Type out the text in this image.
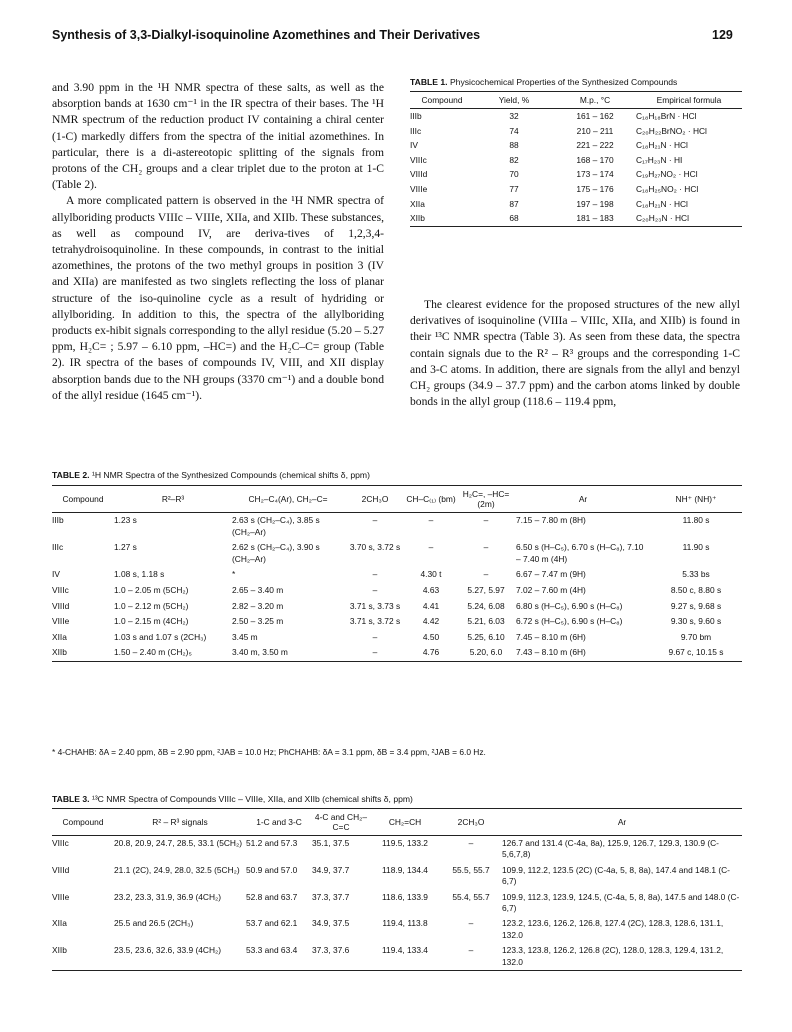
Synthesis of 3,3-Dialkyl-isoquinoline Azomethines and Their Derivatives	129

and 3.90 ppm in the ¹H NMR spectra of these salts, as well as the absorption bands at 1630 cm⁻¹ in the IR spectra of their bases. The ¹H NMR spectrum of the reduction product IV containing a chiral center (1-C) markedly differs from the spectra of the initial azomethines. In particular, there is a di-astereotopic splitting of the signals from protons of the CH₂ groups and a clear triplet due to the proton at 1-C (Table 2).

A more complicated pattern is observed in the ¹H NMR spectra of allylboriding products VIIIc – VIIIe, XIIa, and XIIb. These substances, as well as compound IV, are deriva-tives of 1,2,3,4-tetrahydroisoquinoline. In these compounds, in contrast to the initial azomethines, the protons of the two methyl groups in position 3 (IV and XIIa) are manifested as two singlets reflecting the loss of planar structure of the iso-quinoline cycle as a result of hydriding or allylboriding. In addition to this, the spectra of the allylboriding products ex-hibit signals corresponding to the allyl residue (5.20 – 5.27 ppm, H₂C= ; 5.97 – 6.10 ppm, –HC=) and the H₂C–C= group (Table 2). IR spectra of the bases of compounds IV, VIII, and XII display absorption bands due to the NH groups (3370 cm⁻¹) and a double bond of the allyl residue (1645 cm⁻¹).

The clearest evidence for the proposed structures of the new allyl derivatives of isoquinoline (VIIIa – VIIIc, XIIa, and XIIb) is found in their ¹³C NMR spectra (Table 3). As seen from these data, the spectra contain signals due to the R² – R³ groups and the corresponding 1-C and 3-C atoms. In addition, there are signals from the allyl and benzyl CH₂ groups (34.9 – 37.7 ppm) and the carbon atoms linked by double bonds in the allyl group (118.6 – 119.4 ppm,

TABLE 1. Physicochemical Properties of the Synthesized Compounds
Compound	Yield, %	M.p., °C	Empirical formula
IIIb	32	161 – 162	C₁₈H₁₈BrN · HCl
IIIc	74	210 – 211	C₂₀H₂₂BrNO₂ · HCl
IV	88	221 – 222	C₁₈H₂₁N · HCl
VIIIc	82	168 – 170	C₁₇H₂₃N · HI
VIIId	70	173 – 174	C₁₉H₂₇NO₂ · HCl
VIIIe	77	175 – 176	C₁₈H₂₅NO₂ · HCl
XIIa	87	197 – 198	C₁₈H₂₁N · HCl
XIIb	68	181 – 183	C₂₀H₂₃N · HCl
TABLE 2. ¹H NMR Spectra of the Synthesized Compounds (chemical shifts δ, ppm)
Compound	R²–R³	CH₂–C₄(Ar), CH₂–C=	2CH₃O	CH–C₍₁₎ (bm)	H₂C=, –HC= (2m)	Ar	NH⁺ (NH)⁺
IIIb	1.23 s	2.63 s (CH₂–C₄), 3.85 s (CH₂–Ar)	–	–	–	7.15 – 7.80 m (8H)	11.80 s
IIIc	1.27 s	2.62 s (CH₂–C₄), 3.90 s (CH₂–Ar)	3.70 s, 3.72 s	–	–	6.50 s (H–C₅), 6.70 s (H–C₈), 7.10 – 7.40 m (4H)	11.90 s
IV	1.08 s, 1.18 s	*	–	4.30 t	–	6.67 – 7.47 m (9H)	5.33 bs
VIIIc	1.0 – 2.05 m (5CH₂)	2.65 – 3.40 m	–	4.63	5.27, 5.97	7.02 – 7.60 m (4H)	8.50 c, 8.80 s
VIIId	1.0 – 2.12 m (5CH₂)	2.82 – 3.20 m	3.71 s, 3.73 s	4.41	5.24, 6.08	6.80 s (H–C₅), 6.90 s (H–C₈)	9.27 s, 9.68 s
VIIIe	1.0 – 2.15 m (4CH₂)	2.50 – 3.25 m	3.71 s, 3.72 s	4.42	5.21, 6.03	6.72 s (H–C₅), 6.90 s (H–C₈)	9.30 s, 9.60 s
XIIa	1.03 s and 1.07 s (2CH₃)	3.45 m	–	4.50	5.25, 6.10	7.45 – 8.10 m (6H)	9.70 bm
XIIb	1.50 – 2.40 m (CH₂)₅	3.40 m, 3.50 m	–	4.76	5.20, 6.0	7.43 – 8.10 m (6H)	9.67 c, 10.15 s
* 4-CHAHB: δA = 2.40 ppm, δB = 2.90 ppm, ²JAB = 10.0 Hz; PhCHAHB: δA = 3.1 ppm, δB = 3.4 ppm, ²JAB = 6.0 Hz.
TABLE 3. ¹³C NMR Spectra of Compounds VIIIc – VIIIe, XIIa, and XIIb (chemical shifts δ, ppm)
Compound	R² – R³ signals	1-C and 3-C	4-C and CH₂–C=C	CH₂=CH	2CH₃O	Ar
VIIIc	20.8, 20.9, 24.7, 28.5, 33.1 (5CH₂)	51.2 and 57.3	35.1, 37.5	119.5, 133.2	–	126.7 and 131.4 (C-4a, 8a), 125.9, 126.7, 129.3, 130.9 (C-5,6,7,8)
VIIId	21.1 (2C), 24.9, 28.0, 32.5 (5CH₂)	50.9 and 57.0	34.9, 37.7	118.9, 134.4	55.5, 55.7	109.9, 112.2, 123.5 (2C) (C-4a, 5, 8, 8a), 147.4 and 148.1 (C-6,7)
VIIIe	23.2, 23.3, 31.9, 36.9 (4CH₂)	52.8 and 63.7	37.3, 37.7	118.6, 133.9	55.4, 55.7	109.9, 112.3, 123.9, 124.5, (C-4a, 5, 8, 8a), 147.5 and 148.0 (C-6,7)
XIIa	25.5 and 26.5 (2CH₃)	53.7 and 62.1	34.9, 37.5	119.4, 113.8	–	123.2, 123.6, 126.2, 126.8, 127.4 (2C), 128.3, 128.6, 131.1, 132.0
XIIb	23.5, 23.6, 32.6, 33.9 (4CH₂)	53.3 and 63.4	37.3, 37.6	119.4, 133.4	–	123.3, 123.8, 126.2, 126.8 (2C), 128.0, 128.3, 129.4, 131.2, 132.0
